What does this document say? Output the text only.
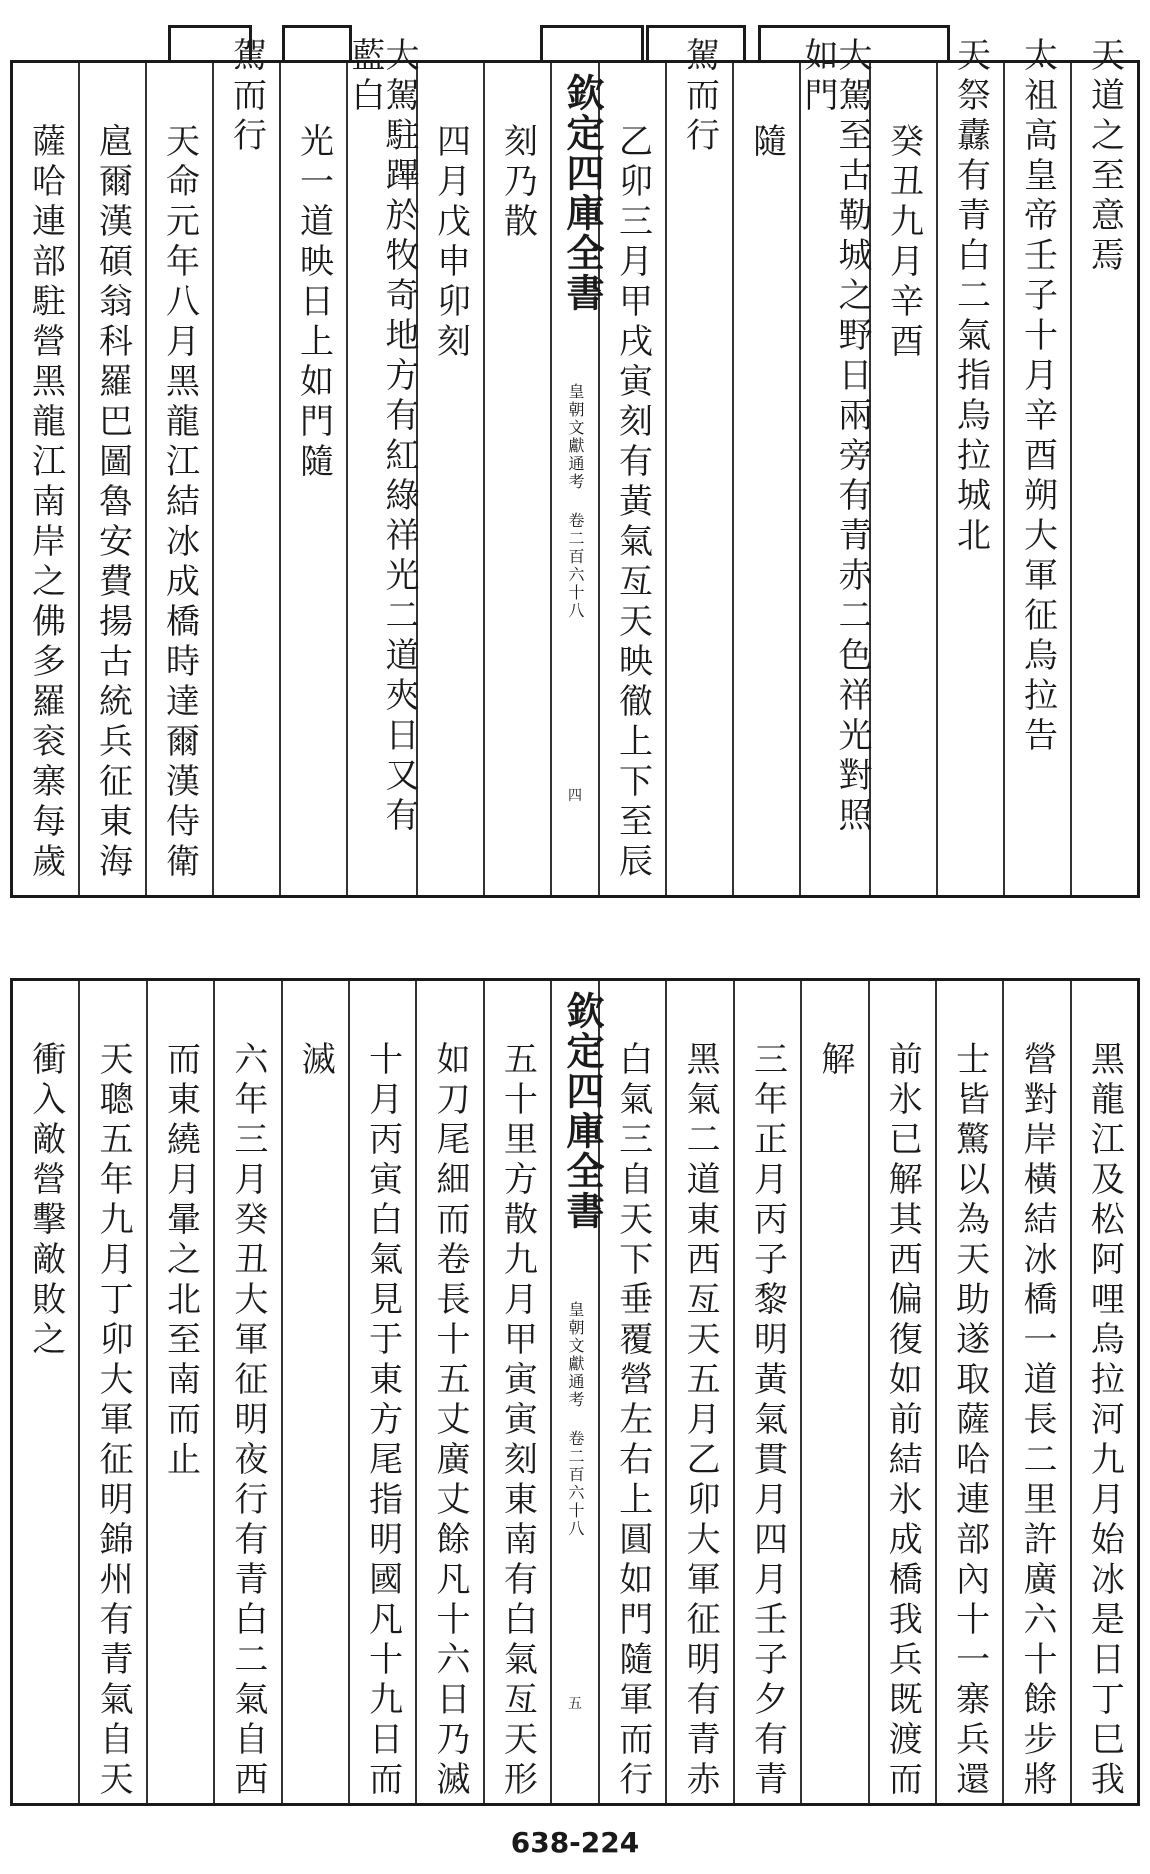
天道之至意焉
太祖高皇帝壬子十月辛酉朔大軍征烏拉告
天祭纛有青白二氣指烏拉城北
癸丑九月辛酉
大駕至古勒城之野日兩旁有青赤二色祥光對照如門
隨
駕而行
乙卯三月甲戌寅刻有黃氣亙天映徹上下至辰
欽定四庫全書
皇朝文獻通考 卷二百六十八
四
刻乃散
四月戊申卯刻
大駕駐蹕於牧奇地方有紅綠祥光二道夾日又有藍白
光一道映日上如門隨
駕而行
天命元年八月黑龍江結冰成橋時達爾漢侍衛
扈爾漢碩翁科羅巴圖魯安費揚古統兵征東海
薩哈連部駐營黑龍江南岸之佛多羅衮寨每歲
黑龍江及松阿哩烏拉河九月始冰是日丁巳我
營對岸橫結冰橋一道長二里許廣六十餘步將
士皆驚以為天助遂取薩哈連部內十一寨兵還
前氷已解其西偏復如前結氷成橋我兵既渡而
解
三年正月丙子黎明黃氣貫月四月壬子夕有青
黑氣二道東西亙天五月乙卯大軍征明有青赤
白氣三自天下垂覆營左右上圓如門隨軍而行
欽定四庫全書
皇朝文獻通考 卷二百六十八
五
五十里方散九月甲寅寅刻東南有白氣亙天形
如刀尾細而卷長十五丈廣丈餘凡十六日乃滅
十月丙寅白氣見于東方尾指明國凡十九日而
滅
六年三月癸丑大軍征明夜行有青白二氣自西
而東繞月暈之北至南而止
天聰五年九月丁卯大軍征明錦州有青氣自天
衝入敵營擊敵敗之
638-224
